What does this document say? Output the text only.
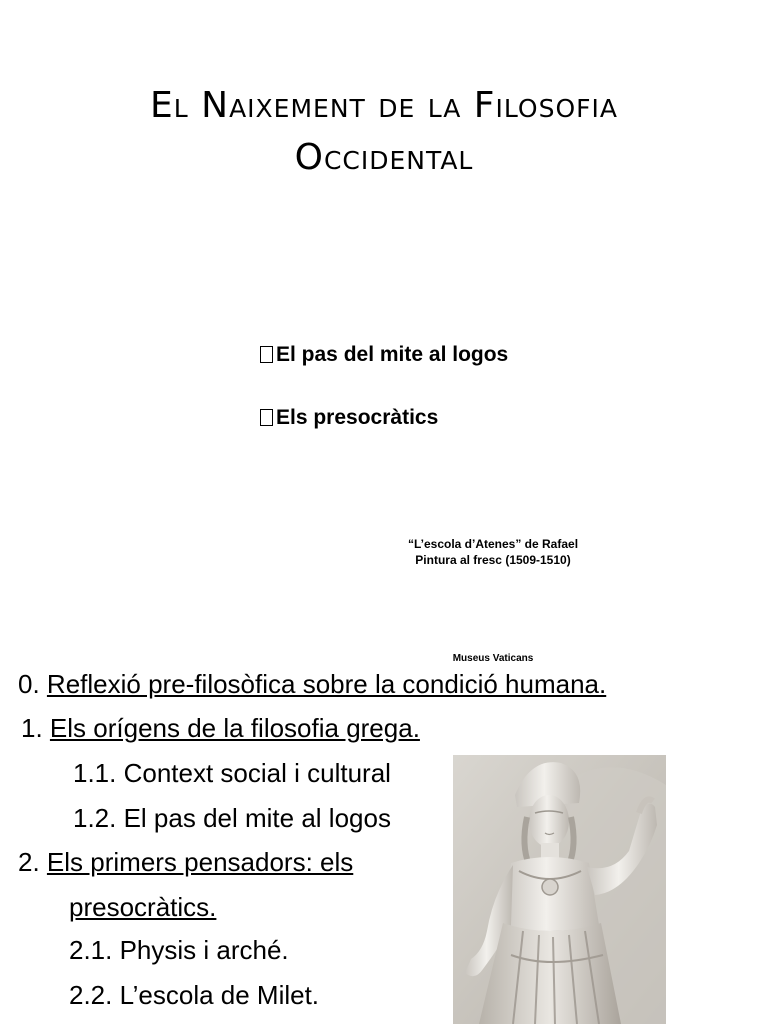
El Naixement de la Filosofia
Occidental
El pas del mite al logos
Els presocràtics
“L’escola d’Atenes” de Rafael
Pintura al fresc (1509-1510)
Museus Vaticans
0. Reflexió pre-filosòfica sobre la condició humana.
1. Els orígens de la filosofia grega.
1.1. Context social i cultural
1.2. El pas del mite al logos
2. Els primers pensadors: els
presocràtics.
2.1. Physis i arché.
2.2. L’escola de Milet.
